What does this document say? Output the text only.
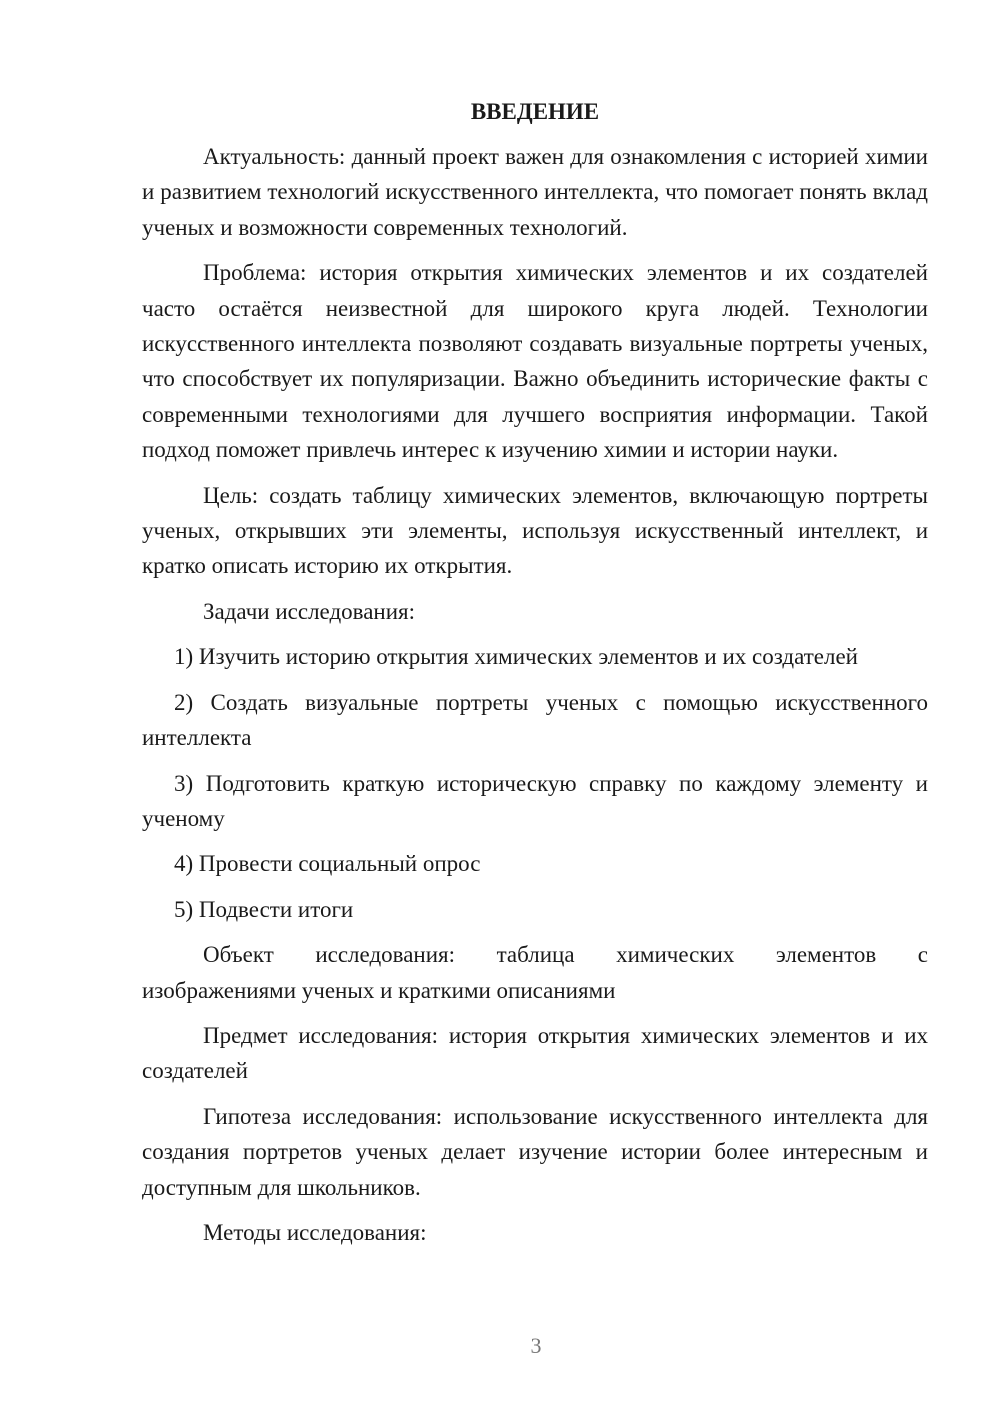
ВВЕДЕНИЕ
Актуальность: данный проект важен для ознакомления с историей химии и развитием технологий искусственного интеллекта, что помогает понять вклад ученых и возможности современных технологий.
Проблема: история открытия химических элементов и их создателей часто остаётся неизвестной для широкого круга людей. Технологии искусственного интеллекта позволяют создавать визуальные портреты ученых, что способствует их популяризации. Важно объединить исторические факты с современными технологиями для лучшего восприятия информации. Такой подход поможет привлечь интерес к изучению химии и истории науки.
Цель: создать таблицу химических элементов, включающую портреты ученых, открывших эти элементы, используя искусственный интеллект, и кратко описать историю их открытия.
Задачи исследования:
1) Изучить историю открытия химических элементов и их создателей
2) Создать визуальные портреты ученых с помощью искусственного интеллекта
3) Подготовить краткую историческую справку по каждому элементу и ученому
4) Провести социальный опрос
5) Подвести итоги
Объект исследования: таблица химических элементов с
изображениями ученых и краткими описаниями
Предмет исследования: история открытия химических элементов и их создателей
Гипотеза исследования: использование искусственного интеллекта для создания портретов ученых делает изучение истории более интересным и доступным для школьников.
Методы исследования:
3
